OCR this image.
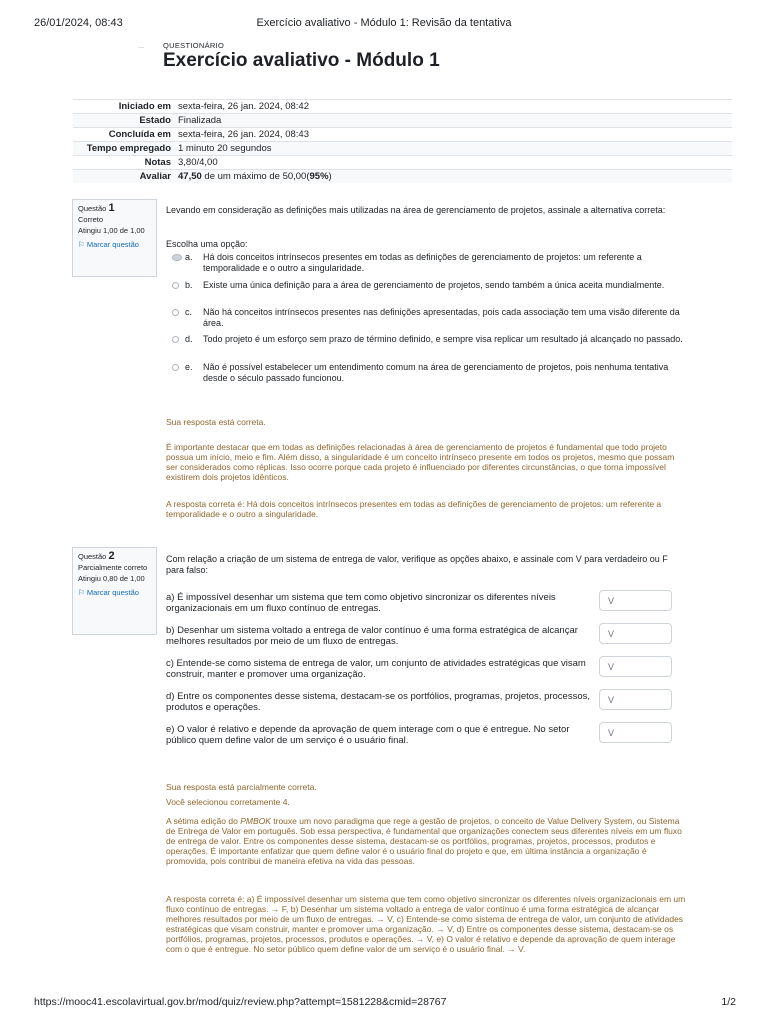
26/01/2024, 08:43	Exercício avaliativo - Módulo 1: Revisão da tentativa
QUESTIONÁRIO
Exercício avaliativo - Módulo 1
Iniciado em	sexta-feira, 26 jan. 2024, 08:42
Estado	Finalizada
Concluída em	sexta-feira, 26 jan. 2024, 08:43
Tempo empregado	1 minuto 20 segundos
Notas	3,80/4,00
Avaliar	47,50 de um máximo de 50,00(95%)
Questão 1
Correto
Atingiu 1,00 de 1,00
⚐ Marcar questão
Levando em consideração as definições mais utilizadas na área de gerenciamento de projetos, assinale a alternativa correta:
Escolha uma opção:
a. Há dois conceitos intrínsecos presentes em todas as definições de gerenciamento de projetos: um referente a temporalidade e o outro a singularidade.
b. Existe uma única definição para a área de gerenciamento de projetos, sendo também a única aceita mundialmente.
c. Não há conceitos intrínsecos presentes nas definições apresentadas, pois cada associação tem uma visão diferente da área.
d. Todo projeto é um esforço sem prazo de término definido, e sempre visa replicar um resultado já alcançado no passado.
e. Não é possível estabelecer um entendimento comum na área de gerenciamento de projetos, pois nenhuma tentativa desde o século passado funcionou.
Sua resposta está correta.
É importante destacar que em todas as definições relacionadas à área de gerenciamento de projetos é fundamental que todo projeto possua um início, meio e fim. Além disso, a singularidade é um conceito intrínseco presente em todos os projetos, mesmo que possam ser considerados como réplicas. Isso ocorre porque cada projeto é influenciado por diferentes circunstâncias, o que torna impossível existirem dois projetos idênticos.
A resposta correta é: Há dois conceitos intrínsecos presentes em todas as definições de gerenciamento de projetos: um referente a temporalidade e o outro a singularidade.
Questão 2
Parcialmente correto
Atingiu 0,80 de 1,00
⚐ Marcar questão
Com relação a criação de um sistema de entrega de valor, verifique as opções abaixo, e assinale com V para verdadeiro ou F para falso:
a) É impossível desenhar um sistema que tem como objetivo sincronizar os diferentes níveis organizacionais em um fluxo contínuo de entregas.
V
b) Desenhar um sistema voltado a entrega de valor contínuo é uma forma estratégica de alcançar melhores resultados por meio de um fluxo de entregas.
V
c) Entende-se como sistema de entrega de valor, um conjunto de atividades estratégicas que visam construir, manter e promover uma organização.
V
d) Entre os componentes desse sistema, destacam-se os portfólios, programas, projetos, processos, produtos e operações.
V
e) O valor é relativo e depende da aprovação de quem interage com o que é entregue. No setor público quem define valor de um serviço é o usuário final.
V
Sua resposta está parcialmente correta.
Você selecionou corretamente 4.
A sétima edição do PMBOK trouxe um novo paradigma que rege a gestão de projetos, o conceito de Value Delivery System, ou Sistema de Entrega de Valor em português. Sob essa perspectiva, é fundamental que organizações conectem seus diferentes níveis em um fluxo de entrega de valor. Entre os componentes desse sistema, destacam-se os portfólios, programas, projetos, processos, produtos e operações. É importante enfatizar que quem define valor é o usuário final do projeto e que, em última instância a organização é promovida, pois contribui de maneira efetiva na vida das pessoas.
A resposta correta é: a) É impossível desenhar um sistema que tem como objetivo sincronizar os diferentes níveis organizacionais em um fluxo contínuo de entregas. → F, b) Desenhar um sistema voltado a entrega de valor contínuo é uma forma estratégica de alcançar melhores resultados por meio de um fluxo de entregas. → V, c) Entende-se como sistema de entrega de valor, um conjunto de atividades estratégicas que visam construir, manter e promover uma organização. → V, d) Entre os componentes desse sistema, destacam-se os portfólios, programas, projetos, processos, produtos e operações. → V, e) O valor é relativo e depende da aprovação de quem interage com o que é entregue. No setor público quem define valor de um serviço é o usuário final. → V.
https://mooc41.escolavirtual.gov.br/mod/quiz/review.php?attempt=1581228&cmid=28767	1/2
